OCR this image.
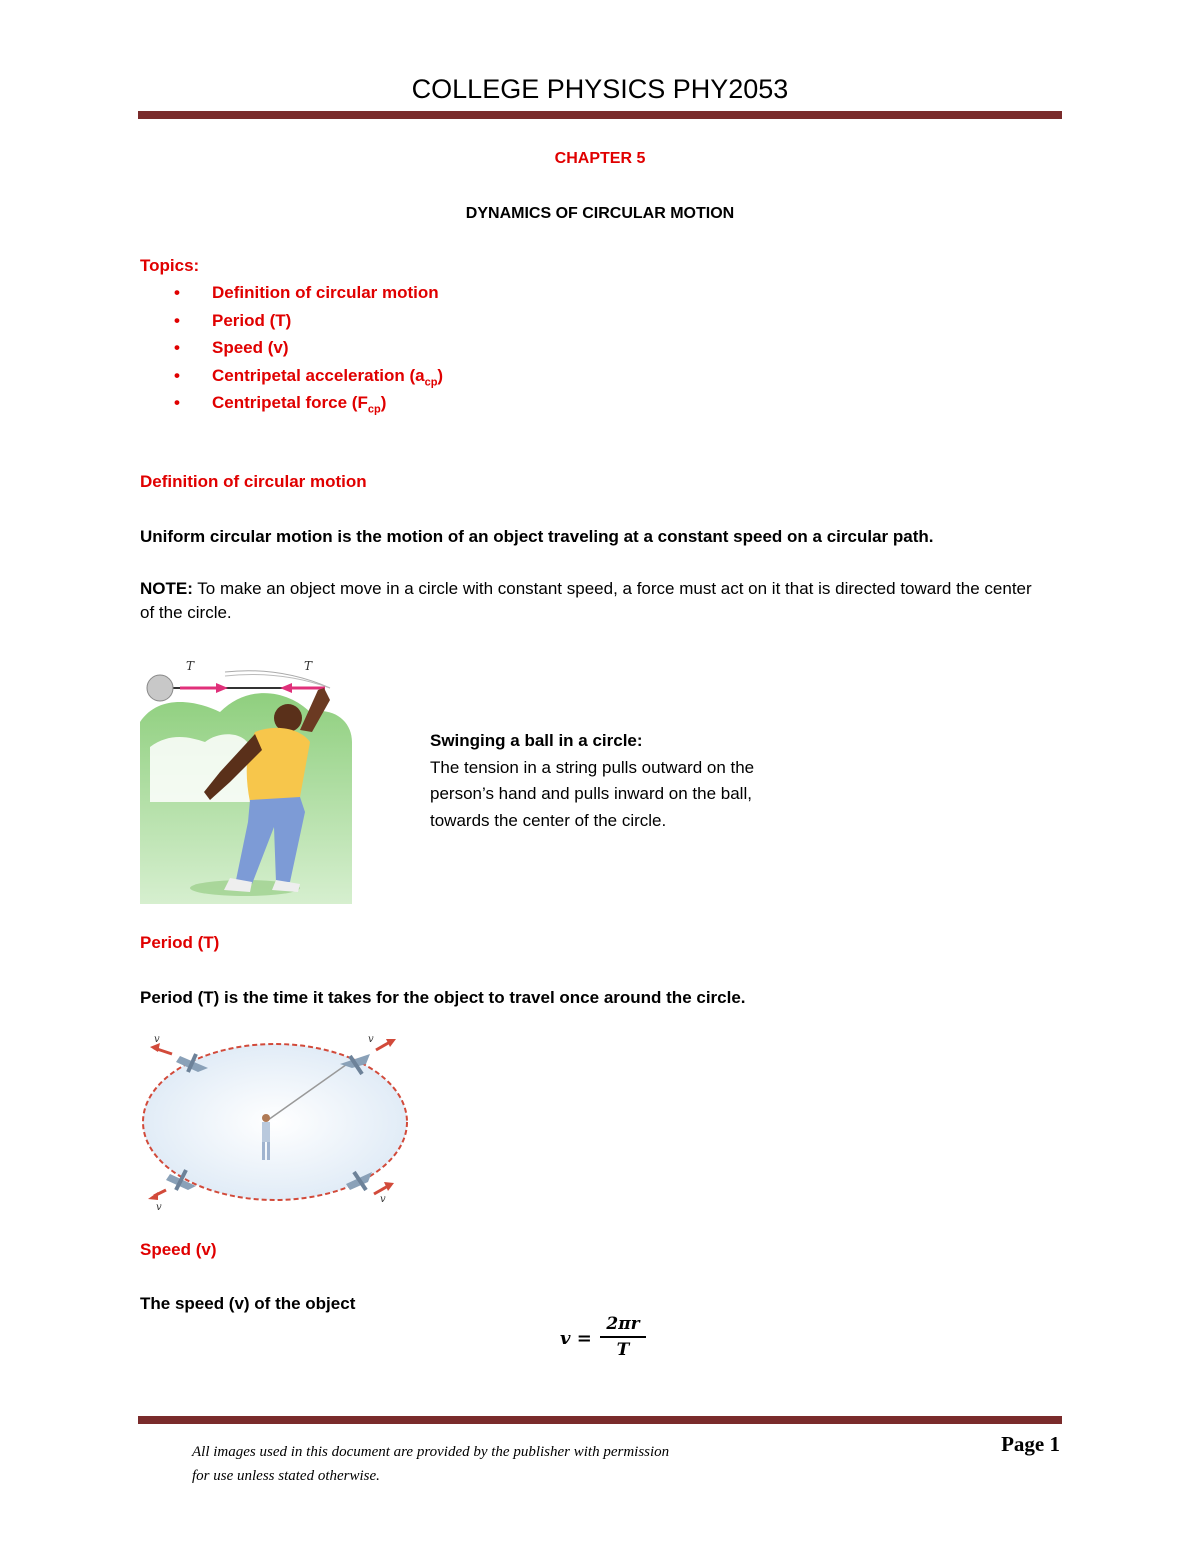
COLLEGE PHYSICS PHY2053
CHAPTER 5
DYNAMICS OF CIRCULAR MOTION
Topics:
• Definition of circular motion
• Period (T)
• Speed (v)
• Centripetal acceleration $(a_{cp})$
• Centripetal force $(F_{cp})$
Definition of circular motion
Uniform circular motion is the motion of an object traveling at a constant speed on a circular path.
NOTE: To make an object move in a circle with constant speed, a force must act on it that is directed toward the center of the circle.
T	T
Swinging a ball in a circle:
The tension in a string pulls outward on the person’s hand and pulls inward on the ball, towards the center of the circle.
Period (T)
Period (T) is the time it takes for the object to travel once around the circle.
v	v
v
v
Speed (v)
The speed (v) of the object
v =
2πr
T
All images used in this document are provided by the publisher with permission
for use unless stated otherwise.
Page 1
